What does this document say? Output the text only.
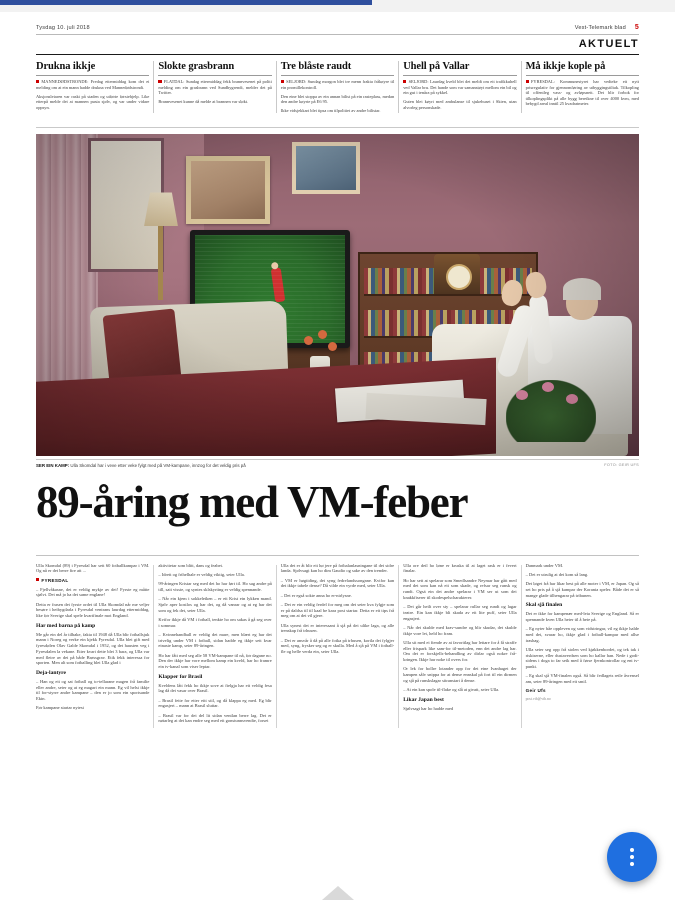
Tysdag 10. juli 2018	Vest-Telemark blad 5
AKTUELT
Drukna ikkje

MANNEDØDSTRONDE: Fredag ettermiddag kom det ei melding om at ein mann hadde drukna ved Mannedødstrondi.

Aksjonsleiaren var raskt på staden og utførte førstehjelp. Like etterpå melde dei at mannen pusta sjølv, og var under vidare oppsyn.

Slokte grasbrann

FLATDAL: Sundag ettermiddag fekk brannvesenet på politi melding om ein grasbrann ved Sundbygrendi, melder det på Twitter.

Brannvesenet kunne då melde at brannen var sløkt.

Tre blåste raudt

SELJORD: Sundag morgon blei tre menn frakta fråkøyre til ein promillekontroll.

Den eine blei stoppa av ein annan bilist på ein rasteplass, medan den andre køyrte på E6 95.

Ikke vidsjekkart blei tipsa om tilpolitiet av andre bilistar.

Uhell på Vallar

SELJORD: Laurdag kveld blei det meldt om eit trafikkuhell ved Vallar bru. Det hande som var samanstøyt mellom ein bil og ein gut i tenåra på sykkel.

Guten blei køyrt med ambulanse til sjukehuset i Skien, utan alvorleg personskade.

Må ikkje kople på

FYRESDAL: Kommunestyret har vedteke eit nytt prisregulativ for gjennomføring av utbyggingstiltak. Tilkopling til offentleg vass- og avløpsnett. Det blir forbok for tilkoplingsplikt på alle bygg bereikne til over 4000 kvm, med bebygd areal inntil 25 kvadratmeter.

SER EIN KAMP: Ulla Skomdal har i veve etter veke fylgt med på VM-kampane, innzog for det veldig pris på	FOTO: GEIR UFS
89-åring med VM-feber

Ulla Skomdal (89) i Fyresdal har sett 60 fotballkampar i VM. Og nå er det berre fire att ...

FYRESDAL

– Fjellvåkasne, det er veldig mykje av dei! Fyrste eg måtte sjølvt. Dei må jo ha det same englane!

Detta er frasen det fyrste ordet til Ulla Skomdal når me veljer besøre i heibygdarla i Fyresdal ventrans laurdag ettermiddag, like før Sverige skal spele kvartfinale mot England.

Har med barna på kamp

Me går ein del år tilbake, fakta til 1948 då Ulla blir fotballsjuk mann i Noreg og verke ein kjekk Fyresdal. Ulla blei gift med fyresdølen Olav Galde Skomdal i 1952, og det hausten veg i Fyresdalen la vekane. Etter kvart dette blei 3 bara, og Ulla var med fleire av dei på både Brøssgrav. Etik fekk interessa for sporten. Men alt som fotballing blei Ulla glad i

Deja-lantyre

– Han og eit og sat fotball og to-tellarane magen frå familie eller andre, seier og at eg magari ein mann. Eg vil helst ikkje til for-styrre andre kampane – den er jo som ein sportsande Ekin.

Før kampane startar nytest

aktivitetar som blitt, dans og feabet.

– Idrett og frihelhale er veldig viktig, seier Ulla.

99-åringen Kristar seg med det ho har ført til. Ho sag andre på till, sait visste, og syntes sklskyrting er veldig spennande.

– Når ein kjem i sokkeleiken – er eit Krist ein lykken mand. Sjølv aper kostlos og har det, og då vanrar og at eg har det som og fek det, seier Ulla.

Kvifor ikkje då VM i fotball, tenkte ho om sakas å gå seg over i sommar.

– Kvinnehandball er veldig det mare, men blært eg har det trivelig under VM i fotball, sidan hadde eg ikkje sett kvar einaste kamp, seier 89-åringen.

Ho har fått med seg alle 58 VM-kampane til nå, før dagane no. Den der ikkje har vore mellom kamp ein kveld, har ho framre ein tv-kanal som viser leptar.

Klapper for Brasil

Kveldens lått fekk ho ikkje sove at fielgja har eit veldig fesa lag då det vasar over Brasil.

– Brasil feite for etter eitt stil, og då klappa eg med. Eg blir engasjert – mann at Brasil sluttar.

– Brasil var for dei del lit sidan ventlan berre lag. Det er nøtarleg at det kan endre seg med eit gonstunnsvendte, forset

Ulla det er åt blir eit hø jere på fotbalanlasningane til dei sidre landa. Sjølvsagt kan ho dim Gaudio og sake av den trender.

– VM er høgtiding, dei syng fedrelandssongane. Kvifor kan det ikkje tabele dense? Då vilde ein vyrde med, seier Ulla.

– Det er egså sokte anna ho er-nirlysne.

– Det er ein veldig ferdel for meg om det seier kva fylgje som er på daldsa til til kaal be kara post startar. Detta er eit tips frå meg om at det vil gjere.

Ulla synest det er interessant å sjå på dei ulike laga, og alle trenskap frå trhusen.

– Dei er ansvår å då på alle fotka på trhusen, kortla dei fylgjer med, syng, frysker seg og er skulla. Med å sjå på VM i fotball-fle og helle verda ein, seier Ulla.

Ulla ore deil ho løne er kruska til at laget rask er i fevert finalar.

Ho har sett at spelarar som Smedlsandre Neymar har gått med med det som kan nå eit som skade, og refsar seg runsk og rundt. Ogsä ein det andre spelarar i VM ser ut som dei knakkfiserer til skodespelscharakterer.

– Dei går heilt over sty – spelarar rullar seg rundt og lagar teatre. Ein kan ikkje bli skada av eit lite puff, seier Ulla engasjert.

– Når dei skulde med krav-sundre og blir skudar, det skulde ikkje vore let, held ho fram.

Ulla sit med ei fiende av at favoritlag har lettare for å få straffe eller frispark like sam-for til-metoden, enn det andre lag har. Om det er forskjells-behandling av dirlar også nokre frå-kringen. Ikkje har noke til overs for.

Or lek for bollre lotander opp for det eine Ivanhaget der kampen sålv snippa for at dense ennskal på fort til ein dirmen og sjå på runskslagar sitranstart å dense.

– At ein kan spole til-flake og slå at givatt, seier Ulla.

Likar Japan best

Sjølvsagt har ho hadde med

Danmark under VM.

– Det er utrulig at dei kom så lang.

Det løget frå har likar best på alle moter i VM, er Japan. Og så set ho pris på å sjå kampar der Korania speler. Både det er så mange glade tilhengarar på tribunen.

Skal sjå finalen

Det er ikke for kampenær med-leia Sverige og England. Så er spennande kven Ulla heier til å heie på.

– Eg nyter båe oppleven og som vidstringar, vil eg ikkje halde med dei, svarar ho, ikkje glad i fotball-kampar med allse irashag.

Ulla seier seg opp frå stolen ved kjøkkenbordet, og tek tak i riskiserne, eller dustaverdsen som ho kallar han. Nede i godi-sidens i doga to far seik med å førse fjernkontrollar og ent tv-punkt.

– Eg skal sjå VM-finalen også. Så blir fedlagets retle åvrensel am, seier 89-åringen med eit smil.

Geir Ufs

post.vtb@vtb.no
